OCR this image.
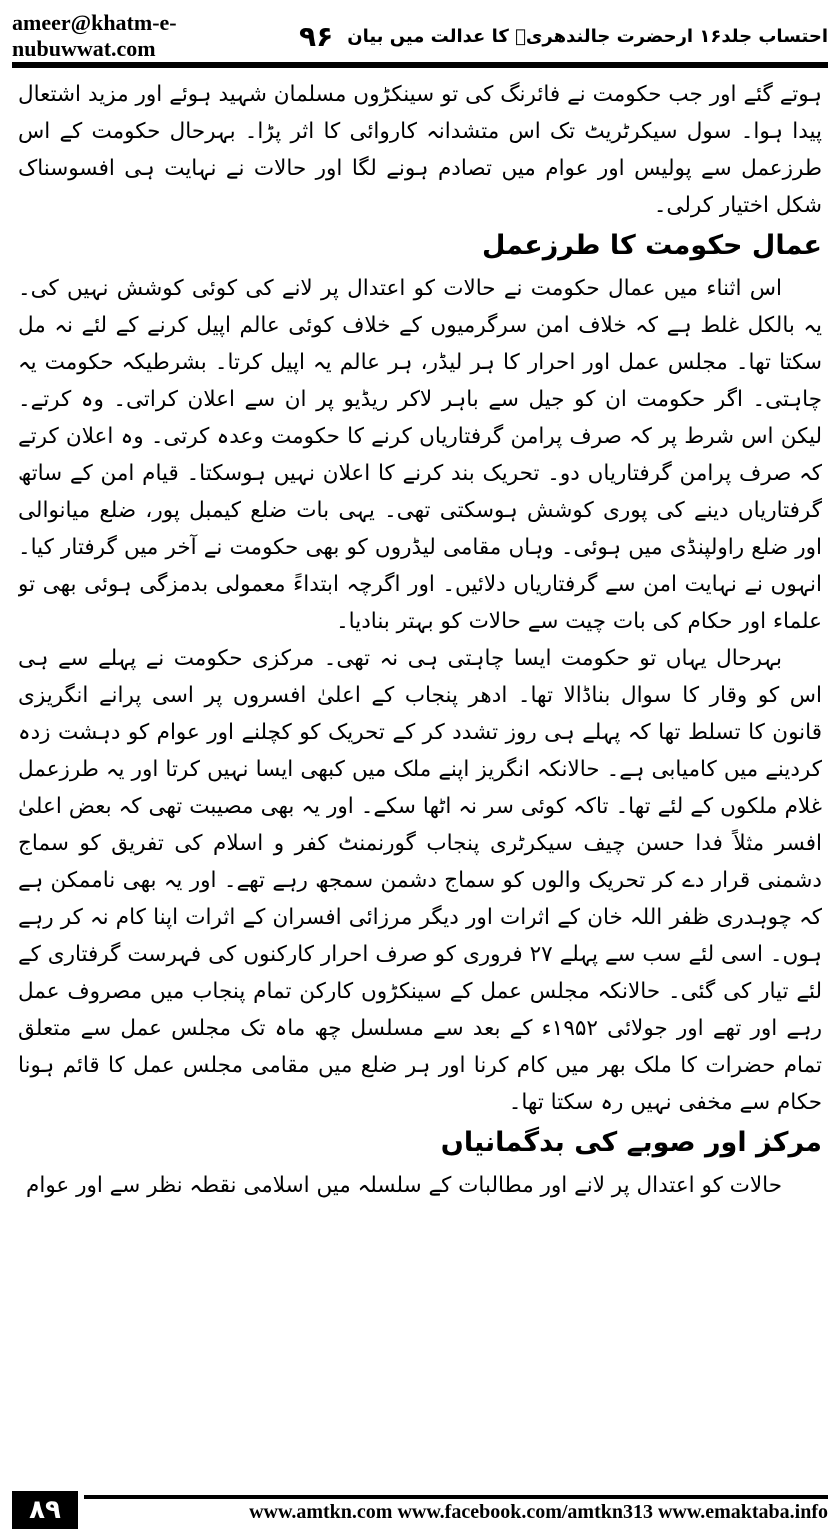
ameer@khatm-e-nubuwwat.com	۹۶ احتساب جلد۱۶ ارحضرت جالندھریؒ کا عدالت میں بیان

ہوتے گئے اور جب حکومت نے فائرنگ کی تو سینکڑوں مسلمان شہید ہوئے اور مزید اشتعال پیدا ہوا۔ سول سیکرٹریٹ تک اس متشدانہ کاروائی کا اثر پڑا۔ بہرحال حکومت کے اس طرزعمل سے پولیس اور عوام میں تصادم ہونے لگا اور حالات نے نہایت ہی افسوسناک شکل اختیار کرلی۔

عمال حکومت کا طرزعمل

اس اثناء میں عمال حکومت نے حالات کو اعتدال پر لانے کی کوئی کوشش نہیں کی۔ یہ بالکل غلط ہے کہ خلاف امن سرگرمیوں کے خلاف کوئی عالم اپیل کرنے کے لئے نہ مل سکتا تھا۔ مجلس عمل اور احرار کا ہر لیڈر، ہر عالم یہ اپیل کرتا۔ بشرطیکہ حکومت یہ چاہتی۔ اگر حکومت ان کو جیل سے باہر لاکر ریڈیو پر ان سے اعلان کراتی۔ وہ کرتے۔ لیکن اس شرط پر کہ صرف پرامن گرفتاریاں کرنے کا حکومت وعدہ کرتی۔ وہ اعلان کرتے کہ صرف پرامن گرفتاریاں دو۔ تحریک بند کرنے کا اعلان نہیں ہوسکتا۔ قیام امن کے ساتھ گرفتاریاں دینے کی پوری کوشش ہوسکتی تھی۔ یہی بات ضلع کیمبل پور، ضلع میانوالی اور ضلع راولپنڈی میں ہوئی۔ وہاں مقامی لیڈروں کو بھی حکومت نے آخر میں گرفتار کیا۔ انہوں نے نہایت امن سے گرفتاریاں دلائیں۔ اور اگرچہ ابتداءً معمولی بدمزگی ہوئی بھی تو علماء اور حکام کی بات چیت سے حالات کو بہتر بنادیا۔

بہرحال یہاں تو حکومت ایسا چاہتی ہی نہ تھی۔ مرکزی حکومت نے پہلے سے ہی اس کو وقار کا سوال بناڈالا تھا۔ ادھر پنجاب کے اعلیٰ افسروں پر اسی پرانے انگریزی قانون کا تسلط تھا کہ پہلے ہی روز تشدد کر کے تحریک کو کچلنے اور عوام کو دہشت زدہ کردینے میں کامیابی ہے۔ حالانکہ انگریز اپنے ملک میں کبھی ایسا نہیں کرتا اور یہ طرزعمل غلام ملکوں کے لئے تھا۔ تاکہ کوئی سر نہ اٹھا سکے۔ اور یہ بھی مصیبت تھی کہ بعض اعلیٰ افسر مثلاً فدا حسن چیف سیکرٹری پنجاب گورنمنٹ کفر و اسلام کی تفریق کو سماج دشمنی قرار دے کر تحریک والوں کو سماج دشمن سمجھ رہے تھے۔ اور یہ بھی ناممکن ہے کہ چوہدری ظفر اللہ خان کے اثرات اور دیگر مرزائی افسران کے اثرات اپنا کام نہ کر رہے ہوں۔ اسی لئے سب سے پہلے ۲۷ فروری کو صرف احرار کارکنوں کی فہرست گرفتاری کے لئے تیار کی گئی۔ حالانکہ مجلس عمل کے سینکڑوں کارکن تمام پنجاب میں مصروف عمل رہے اور تھے اور جولائی ۱۹۵۲ء کے بعد سے مسلسل چھ ماہ تک مجلس عمل سے متعلق تمام حضرات کا ملک بھر میں کام کرنا اور ہر ضلع میں مقامی مجلس عمل کا قائم ہونا حکام سے مخفی نہیں رہ سکتا تھا۔

مرکز اور صوبے کی بدگمانیاں

حالات کو اعتدال پر لانے اور مطالبات کے سلسلہ میں اسلامی نقطہ نظر سے اور عوام

۸۹	www.amtkn.com www.facebook.com/amtkn313 www.emaktaba.info
